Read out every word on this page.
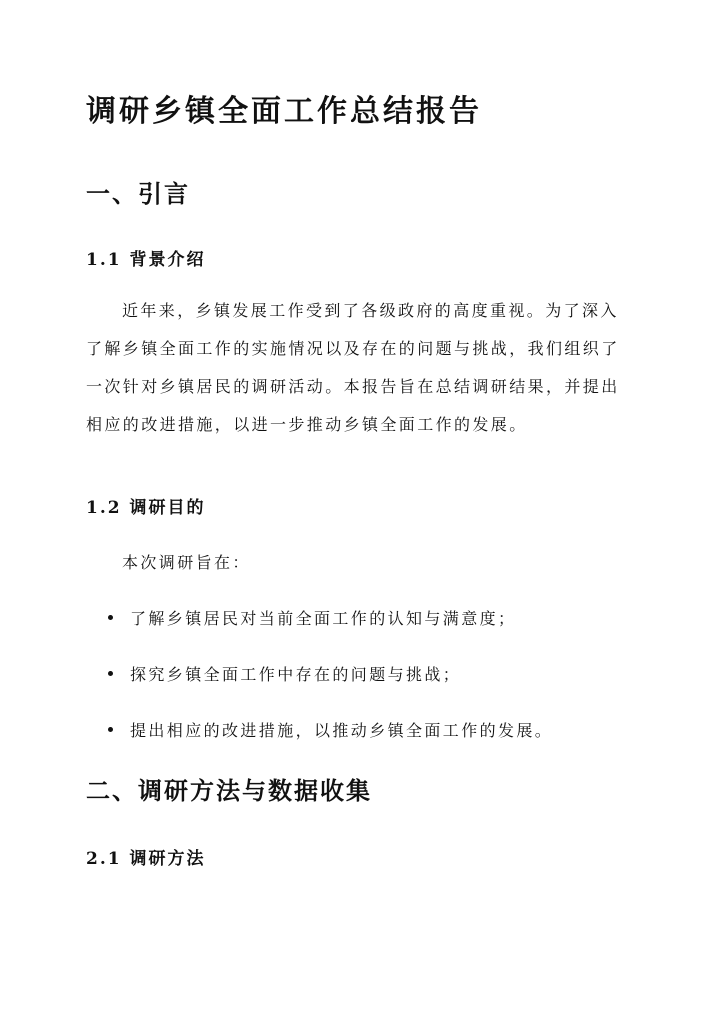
调研乡镇全面工作总结报告
一、引言
1.1 背景介绍
近年来，乡镇发展工作受到了各级政府的高度重视。为了深入了解乡镇全面工作的实施情况以及存在的问题与挑战，我们组织了一次针对乡镇居民的调研活动。本报告旨在总结调研结果，并提出相应的改进措施，以进一步推动乡镇全面工作的发展。
1.2 调研目的
本次调研旨在：
了解乡镇居民对当前全面工作的认知与满意度；
探究乡镇全面工作中存在的问题与挑战；
提出相应的改进措施，以推动乡镇全面工作的发展。
二、调研方法与数据收集
2.1 调研方法
